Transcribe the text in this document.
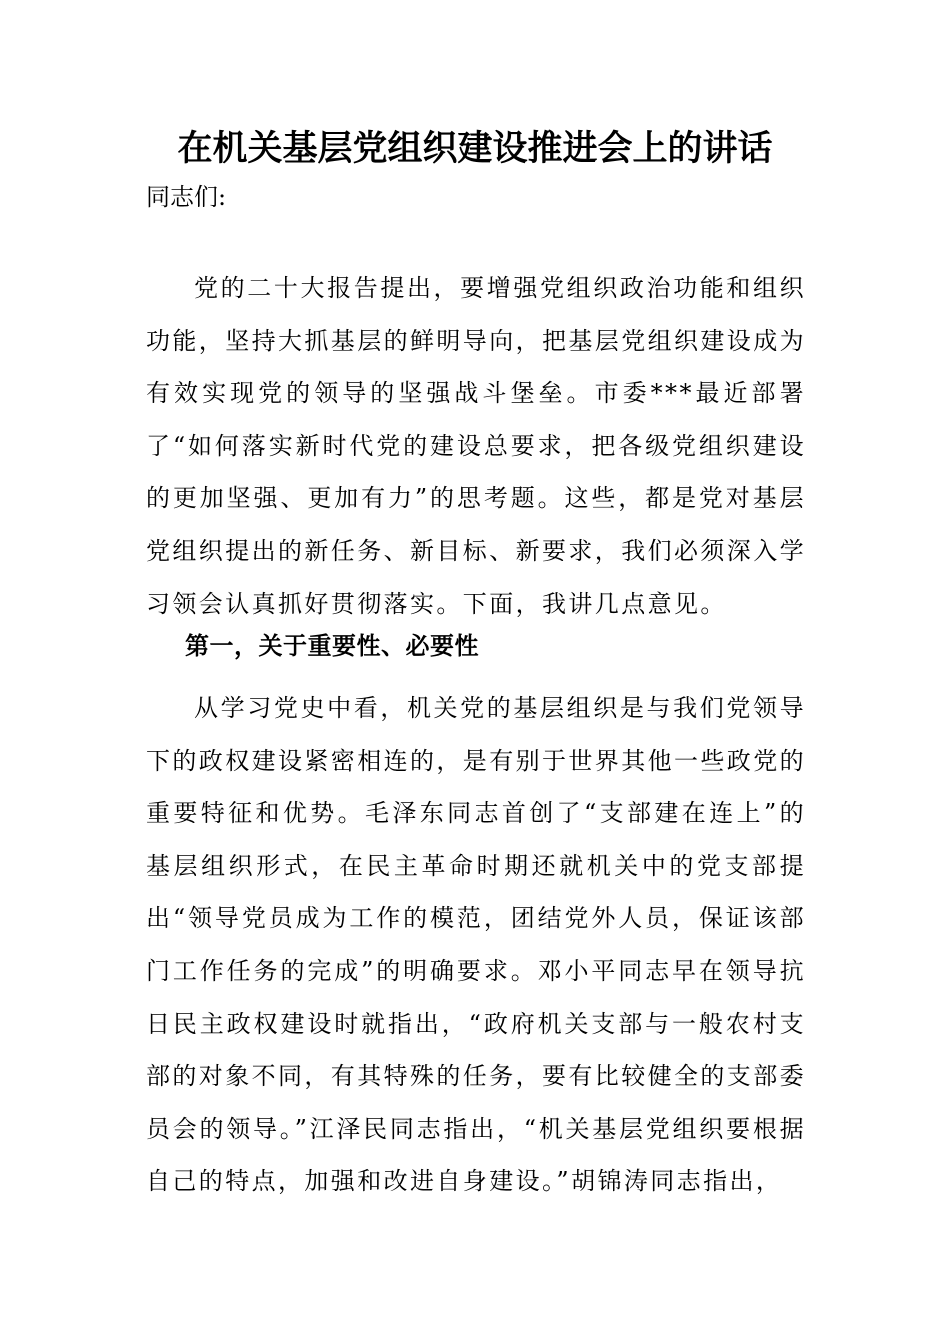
在机关基层党组织建设推进会上的讲话
同志们:

党的二十大报告提出，要增强党组织政治功能和组织功能，坚持大抓基层的鲜明导向，把基层党组织建设成为有效实现党的领导的坚强战斗堡垒。市委***最近部署了“如何落实新时代党的建设总要求，把各级党组织建设的更加坚强、更加有力”的思考题。这些，都是党对基层党组织提出的新任务、新目标、新要求，我们必须深入学习领会认真抓好贯彻落实。下面，我讲几点意见。

第一，关于重要性、必要性

从学习党史中看，机关党的基层组织是与我们党领导下的政权建设紧密相连的，是有别于世界其他一些政党的重要特征和优势。毛泽东同志首创了“支部建在连上”的基层组织形式，在民主革命时期还就机关中的党支部提出“领导党员成为工作的模范，团结党外人员，保证该部门工作任务的完成”的明确要求。邓小平同志早在领导抗日民主政权建设时就指出，“政府机关支部与一般农村支部的对象不同，有其特殊的任务，要有比较健全的支部委员会的领导。”江泽民同志指出，“机关基层党组织要根据自己的特点，加强和改进自身建设。”胡锦涛同志指出，
